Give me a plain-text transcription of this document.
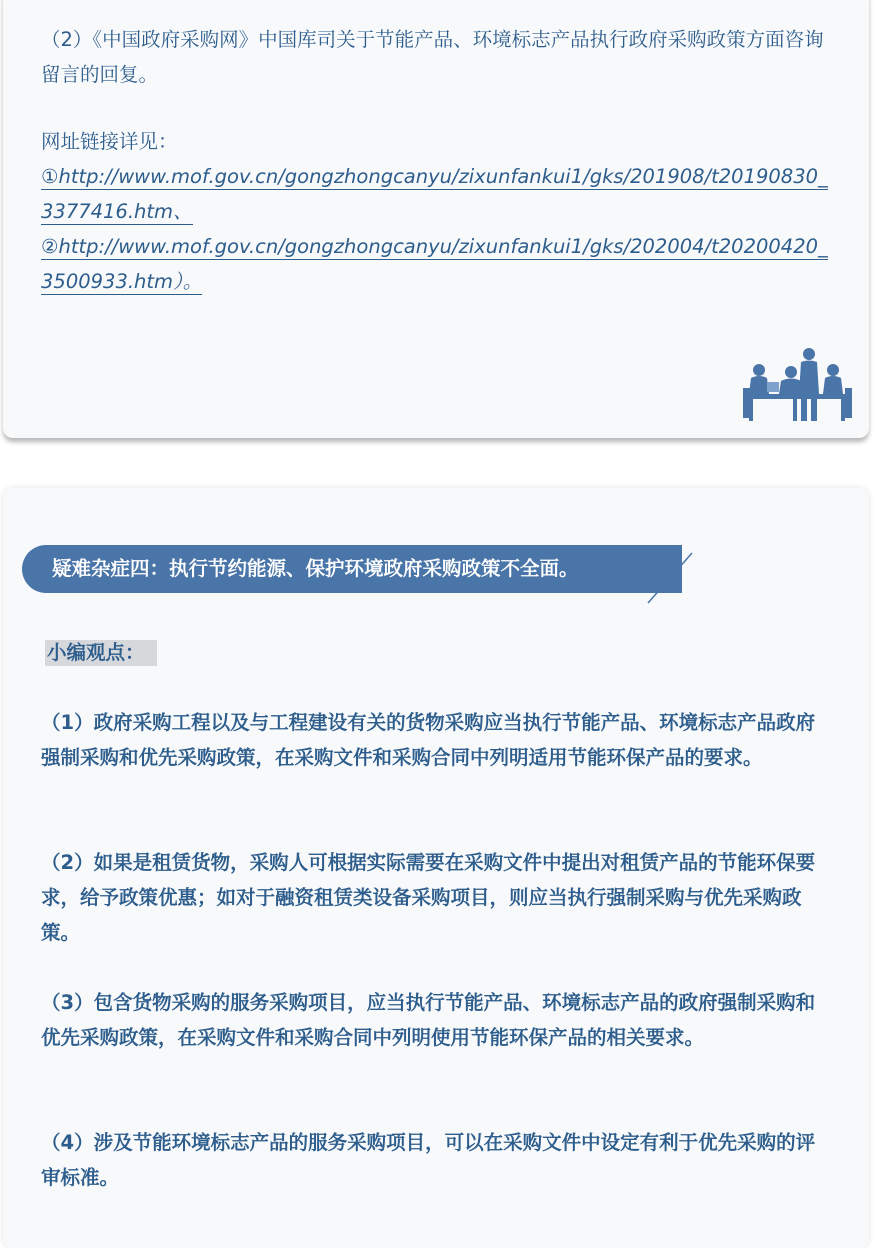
（2）《中国政府采购网》中国库司关于节能产品、环境标志产品执行政府采购政策方面咨询留言的回复。

网址链接详见：
①http://www.mof.gov.cn/gongzhongcanyu/zixunfankui1/gks/201908/t20190830_3377416.htm、
②http://www.mof.gov.cn/gongzhongcanyu/zixunfankui1/gks/202004/t20200420_3500933.htm）。
疑难杂症四：执行节约能源、保护环境政府采购政策不全面。
小编观点：

（1）政府采购工程以及与工程建设有关的货物采购应当执行节能产品、环境标志产品政府强制采购和优先采购政策，在采购文件和采购合同中列明适用节能环保产品的要求。

（2）如果是租赁货物，采购人可根据实际需要在采购文件中提出对租赁产品的节能环保要求，给予政策优惠；如对于融资租赁类设备采购项目，则应当执行强制采购与优先采购政策。

（3）包含货物采购的服务采购项目，应当执行节能产品、环境标志产品的政府强制采购和优先采购政策，在采购文件和采购合同中列明使用节能环保产品的相关要求。

（4）涉及节能环境标志产品的服务采购项目，可以在采购文件中设定有利于优先采购的评审标准。
